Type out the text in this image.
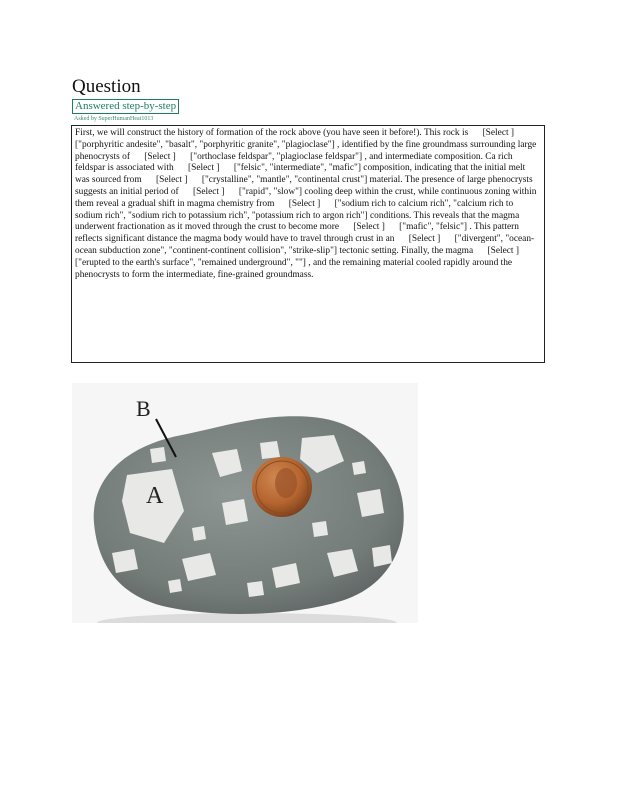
Question
Answered step-by-step
Asked by SuperHumanHeat1013
First, we will construct the history of formation of the rock above (you have seen it before!). This rock is [Select ] ["porphyritic andesite", "basalt", "porphyritic granite", "plagioclase"] , identified by the fine groundmass surrounding large phenocrysts of [Select ] ["orthoclase feldspar", "plagioclase feldspar"] , and intermediate composition. Ca rich feldspar is associated with [Select ] ["felsic", "intermediate", "mafic"] composition, indicating that the initial melt was sourced from [Select ] ["crystalline", "mantle", "continental crust"] material. The presence of large phenocrysts suggests an initial period of [Select ] ["rapid", "slow"] cooling deep within the crust, while continuous zoning within them reveal a gradual shift in magma chemistry from [Select ] ["sodium rich to calcium rich", "calcium rich to sodium rich", "sodium rich to potassium rich", "potassium rich to argon rich"] conditions. This reveals that the magma underwent fractionation as it moved through the crust to become more [Select ] ["mafic", "felsic"] . This pattern reflects significant distance the magma body would have to travel through crust in an [Select ] ["divergent", "ocean-ocean subduction zone", "continent-continent collision", "strike-slip"] tectonic setting. Finally, the magma [Select ] ["erupted to the earth's surface", "remained underground", ""] , and the remaining material cooled rapidly around the phenocrysts to form the intermediate, fine-grained groundmass.
B
A
